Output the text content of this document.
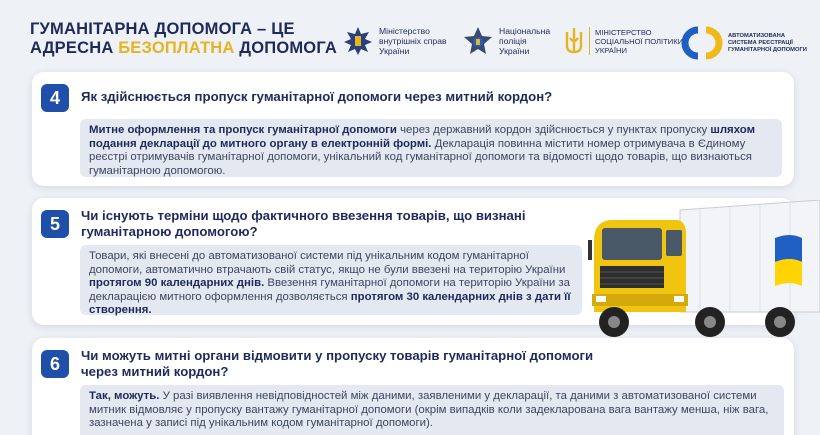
ГУМАНІТАРНА ДОПОМОГА – ЦЕ
АДРЕСНА БЕЗОПЛАТНА ДОПОМОГА
Міністерство
внутрішніх справ
України
Національна
поліція
України
МІНІСТЕРСТВО
СОЦІАЛЬНОЇ ПОЛІТИКИ
УКРАЇНИ
АВТОМАТИЗОВАНА
СИСТЕМА РЕЄСТРАЦІЇ
ГУМАНІТАРНОЇ ДОПОМОГИ
4	Як здійснюється пропуск гуманітарної допомоги через митний кордон?
Митне оформлення та пропуск гуманітарної допомоги через державний кордон здійснюється у пунктах пропуску шляхом подання декларації до митного органу в електронній формі. Декларація повинна містити номер отримувача в Єдиному реєстрі отримувачів гуманітарної допомоги, унікальний код гуманітарної допомоги та відомості щодо товарів, що визнаються гуманітарною допомогою.
5	Чи існують терміни щодо фактичного ввезення товарів, що визнані
гуманітарною допомогою?
Товари, які внесені до автоматизованої системи під унікальним кодом гуманітарної допомоги, автоматично втрачають свій статус, якщо не були ввезені на територію України протягом 90 календарних днів. Ввезення гуманітарної допомоги на територію України за декларацією митного оформлення дозволяється протягом 30 календарних днів з дати її створення.
6	Чи можуть митні органи відмовити у пропуску товарів гуманітарної допомоги
через митний кордон?
Так, можуть. У разі виявлення невідповідностей між даними, заявленими у декларації, та даними з автоматизованої системи митник відмовляє у пропуску вантажу гуманітарної допомоги (окрім випадків коли задекларована вага вантажу менша, ніж вага, зазначена у записі під унікальним кодом гуманітарної допомоги).
